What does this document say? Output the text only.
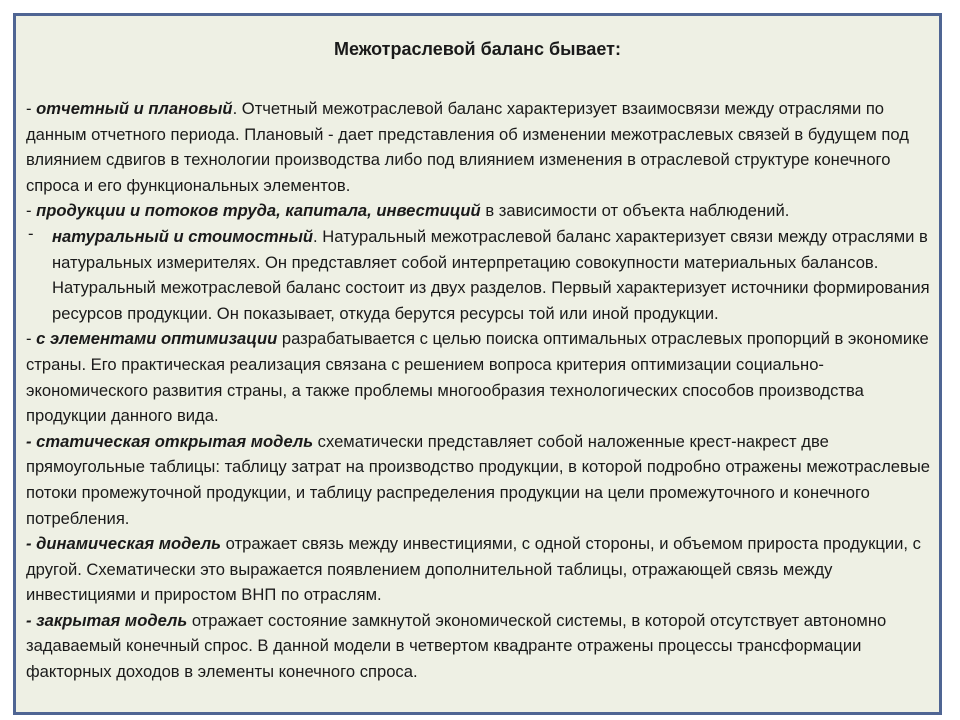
Межотраслевой баланс бывает:

- отчетный и плановый. Отчетный межотраслевой баланс характеризует взаимосвязи между отраслями по данным отчетного периода. Плановый - дает представления об изменении межотраслевых связей в будущем под влиянием сдвигов в технологии производства либо под влиянием изменения в отраслевой структуре конечного спроса и его функциональных элементов.

- продукции и потоков труда, капитала, инвестиций в зависимости от объекта наблюдений.

- натуральный и стоимостный. Натуральный межотраслевой баланс характеризует связи между отраслями в натуральных измерителях. Он представляет собой интерпретацию совокупности материальных балансов. Натуральный межотраслевой баланс состоит из двух разделов. Первый характеризует источники формирования ресурсов продукции. Он показывает, откуда берутся ресурсы той или иной продукции.

- с элементами оптимизации разрабатывается с целью поиска оптимальных отраслевых пропорций в экономике страны. Его практическая реализация связана с решением вопроса критерия оптимизации социально-экономического развития страны, а также проблемы многообразия технологических способов производства продукции данного вида.

- статическая открытая модель схематически представляет собой наложенные крест-накрест две прямоугольные таблицы: таблицу затрат на производство продукции, в которой подробно отражены межотраслевые потоки промежуточной продукции, и таблицу распределения продукции на цели промежуточного и конечного потребления.

- динамическая модель отражает связь между инвестициями, с одной стороны, и объемом прироста продукции, с другой. Схематически это выражается появлением дополнительной таблицы, отражающей связь между инвестициями и приростом ВНП по отраслям.

- закрытая модель отражает состояние замкнутой экономической системы, в которой отсутствует автономно задаваемый конечный спрос. В данной модели в четвертом квадранте отражены процессы трансформации факторных доходов в элементы конечного спроса.
